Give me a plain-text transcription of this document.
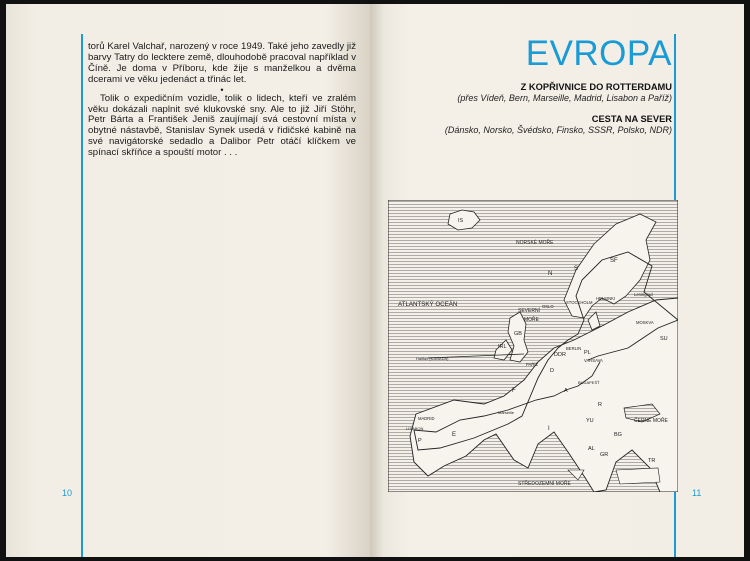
torů Karel Valchař, narozený v roce 1949. Také jeho zavedly již barvy Tatry do lecktere země, dlouhodobě pracoval například v Číně. Je doma v Příboru, kde žije s manželkou a dvěma dcerami ve věku jedenáct a třinác let.

•

Tolik o expedičním vozidle, tolik o lidech, kteří ve zralém věku dokázali naplnit své klukovské sny. Ale to již Jiří Stöhr, Petr Bárta a František Jeniš zaujímají svá cestovní místa v obytné nástavbě, Stanislav Synek usedá v řidičské kabině na své navigátorské sedadlo a Dalibor Petr otáčí klíčkem ve spínací skříňce a spouští motor . . .

10
EVROPA
Z KOPŘIVNICE DO ROTTERDAMU
(přes Vídeň, Bern, Marseille, Madrid, Lisabon a Paříž)
CESTA NA SEVER
(Dánsko, Norsko, Švédsko, Finsko, SSSR, Polsko, NDR)
ATLANTSKÝ OCEÁN
NORSKÉ MOŘE
SEVERNÍ
MOŘE
ČERNÉ MOŘE
STŘEDOZEMNÍ MOŘE
IS
N
S
SF
IRL
GB
DDR	PL
SU
F
D
A
R
YU
BG
I
E
P
AL
GR
TR
OSLO
STOCKHOLM
HELSINKI
Leningrad
MOSKVA
BERLIN
VARŠAVA
Halifax (KANADA)
MADRID
LISABON
Marseille
PAŘÍŽ
BUDAPEŠŤ
11
